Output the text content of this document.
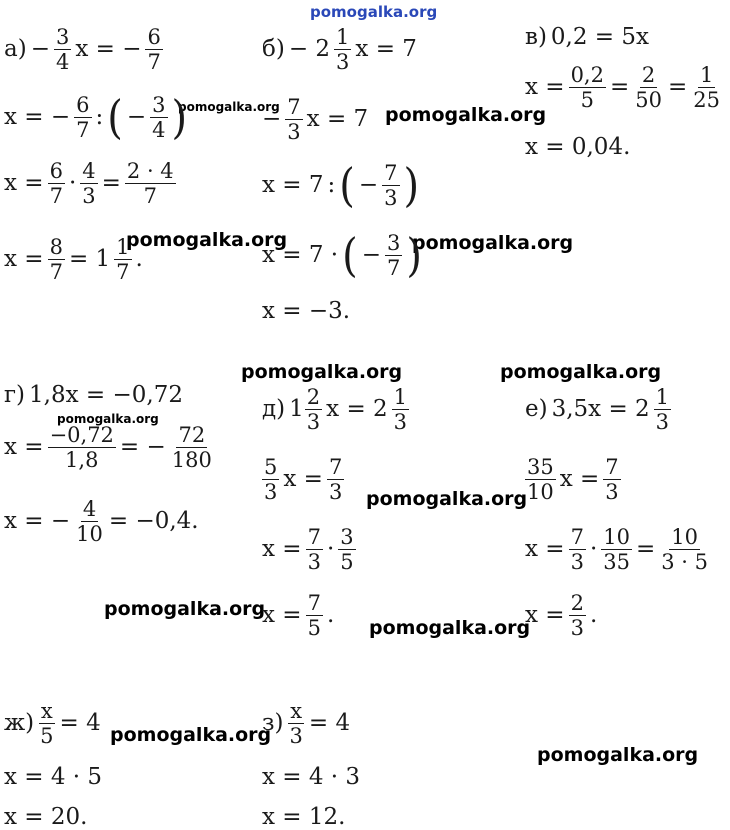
pomogalka.org
pomogalka.org	pomogalka.org
pomogalka.org	pomogalka.org
pomogalka.org	pomogalka.org
pomogalka.org
pomogalka.org
pomogalka.org
pomogalka.org
pomogalka.org
pomogalka.org
$а) - \frac{3}{4}$ x = − $\frac{6}{7}$
x = − $\frac{6}{7}$ : ( − $\frac{3}{4}$ )
$x = \frac{6}{7} \cdot \frac{4}{3} = \frac{2 \cdot 4}{7}$
$x = \frac{8}{7} = 1$ 1
7 .
б) − 2 1
3 x = 7
− $\frac{7}{3}$ x = 7
x = 7 : ( − $\frac{7}{3}$ )
x = 7 · ( − $\frac{3}{7}$ )
x = −3.
в) 0,2 = 5x
$x = \frac{0,2}{5} = \frac{2}{50} = \frac{1}{25}$
x = 0,04.
г) 1,8x = −0,72
$x = \frac{-0,72}{1,8}$ = − $\frac{72}{180}$
x = − $\frac{4}{10} = -0,4$.
д) 1 2
3 x = 2 1
3
5
3 $x = \frac{7}{3}$
$x = \frac{7}{3} \cdot 3$
5
$x = \frac{7}{5}$ .
е) 3,5x = 2 1
3
35
10 $x = \frac{7}{3}$
$x = \frac{7}{3} \cdot \frac{10}{35} = \frac{10}{3 \cdot 5}$
$x = \frac{2}{3}$ .
$ж) \frac{x}{5} = 4$
x = 4 · 5
x = 20.
$з) \frac{x}{3} = 4$
x = 4 · 3
x = 12.
